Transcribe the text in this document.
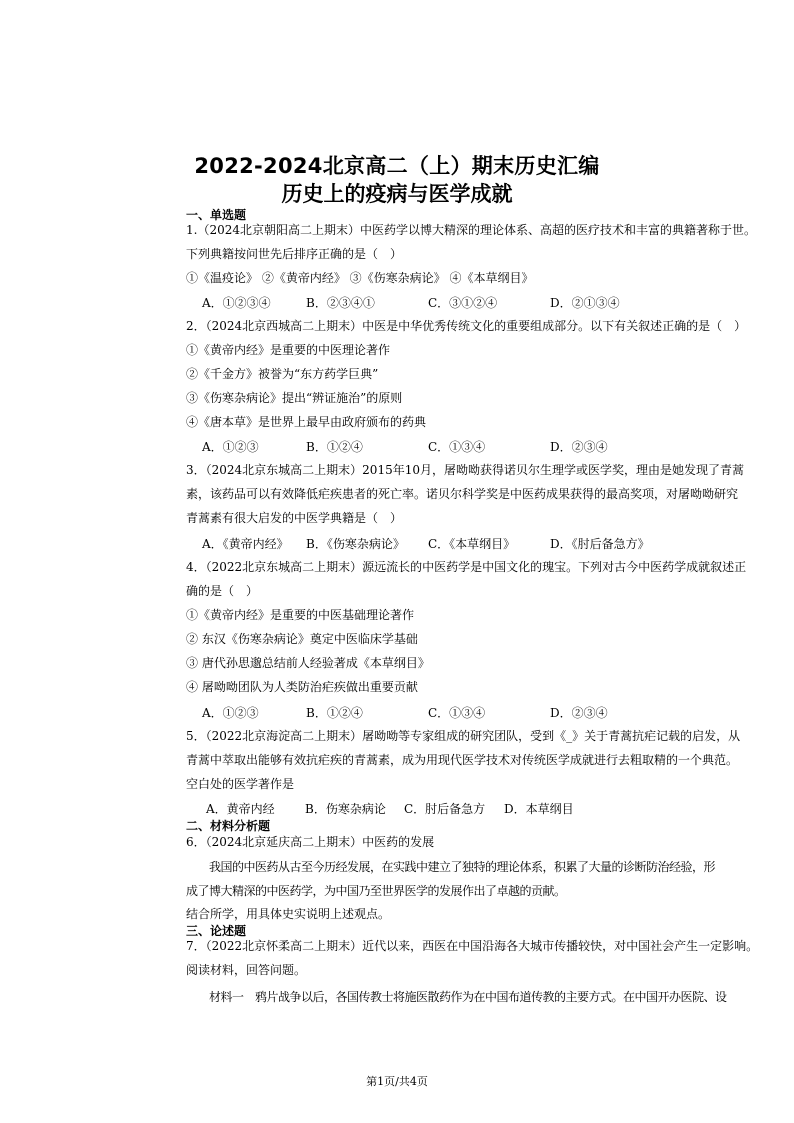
2022-2024北京高二（上）期末历史汇编
历史上的疫病与医学成就
一、单选题
1.（2024北京朝阳高二上期末）中医药学以博大精深的理论体系、高超的医疗技术和丰富的典籍著称于世。
下列典籍按问世先后排序正确的是（　）
①《温疫论》 ②《黄帝内经》 ③《伤寒杂病论》 ④《本草纲目》
A．①②③④	B．②③④①	C．③①②④	D．②①③④
2．（2024北京西城高二上期末）中医是中华优秀传统文化的重要组成部分。以下有关叙述正确的是（　）
①《黄帝内经》是重要的中医理论著作
②《千金方》被誉为“东方药学巨典”
③《伤寒杂病论》提出“辨证施治”的原则
④《唐本草》是世界上最早由政府颁布的药典
A．①②③	B．①②④	C．①③④	D．②③④
3．（2024北京东城高二上期末）2015年10月，屠呦呦获得诺贝尔生理学或医学奖，理由是她发现了青蒿
素，该药品可以有效降低疟疾患者的死亡率。诺贝尔科学奖是中医药成果获得的最高奖项，对屠呦呦研究
青蒿素有很大启发的中医学典籍是（　）
A．《黄帝内经》 B．《伤寒杂病论》 C．《本草纲目》	D．《肘后备急方》
4．（2022北京东城高二上期末）源远流长的中医药学是中国文化的瑰宝。下列对古今中医药学成就叙述正
确的是（　）
①《黄帝内经》是重要的中医基础理论著作
② 东汉《伤寒杂病论》奠定中医临床学基础
③ 唐代孙思邈总结前人经验著成《本草纲目》
④ 屠呦呦团队为人类防治疟疾做出重要贡献
A．①②③	B．①②④	C．①③④	D．②③④
5．（2022北京海淀高二上期末）屠呦呦等专家组成的研究团队，受到《_》关于青蒿抗疟记载的启发，从
青蒿中萃取出能够有效抗疟疾的青蒿素，成为用现代医学技术对传统医学成就进行去粗取精的一个典范。
空白处的医学著作是
A．黄帝内经	B．伤寒杂病论 C．肘后备急方 D．本草纲目
二、材料分析题
6．（2024北京延庆高二上期末）中医药的发展
　　我国的中医药从古至今历经发展，在实践中建立了独特的理论体系，积累了大量的诊断防治经验，形
成了博大精深的中医药学，为中国乃至世界医学的发展作出了卓越的贡献。
结合所学，用具体史实说明上述观点。
三、论述题
7．（2022北京怀柔高二上期末）近代以来，西医在中国沿海各大城市传播较快，对中国社会产生一定影响。
阅读材料，回答问题。
　　材料一　鸦片战争以后，各国传教士将施医散药作为在中国布道传教的主要方式。在中国开办医院、设
第1页/共4页
